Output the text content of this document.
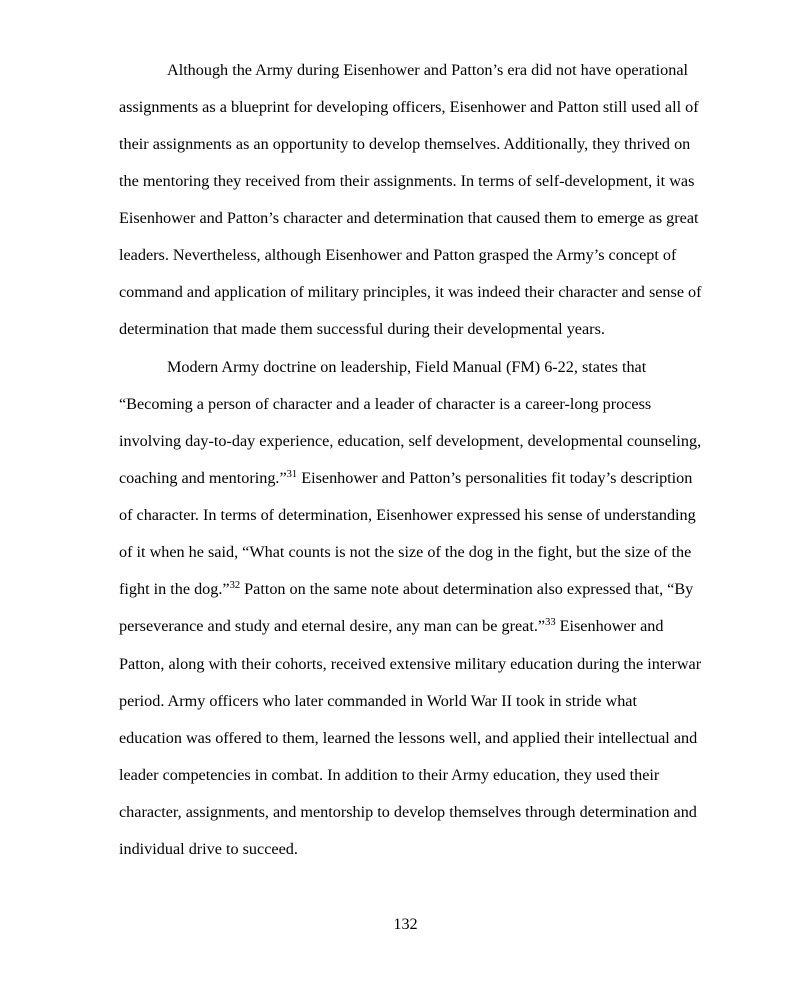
Although the Army during Eisenhower and Patton’s era did not have operational
assignments as a blueprint for developing officers, Eisenhower and Patton still used all of
their assignments as an opportunity to develop themselves. Additionally, they thrived on
the mentoring they received from their assignments. In terms of self-development, it was
Eisenhower and Patton’s character and determination that caused them to emerge as great
leaders. Nevertheless, although Eisenhower and Patton grasped the Army’s concept of
command and application of military principles, it was indeed their character and sense of
determination that made them successful during their developmental years.
Modern Army doctrine on leadership, Field Manual (FM) 6-22, states that
“Becoming a person of character and a leader of character is a career-long process
involving day-to-day experience, education, self development, developmental counseling,
coaching and mentoring.”$^{31}$ Eisenhower and Patton’s personalities fit today’s description
of character. In terms of determination, Eisenhower expressed his sense of understanding
of it when he said, “What counts is not the size of the dog in the fight, but the size of the
fight in the dog.”$^{32}$ Patton on the same note about determination also expressed that, “By
perseverance and study and eternal desire, any man can be great.”$^{33}$ Eisenhower and
Patton, along with their cohorts, received extensive military education during the interwar
period. Army officers who later commanded in World War II took in stride what
education was offered to them, learned the lessons well, and applied their intellectual and
leader competencies in combat. In addition to their Army education, they used their
character, assignments, and mentorship to develop themselves through determination and
individual drive to succeed.
132
